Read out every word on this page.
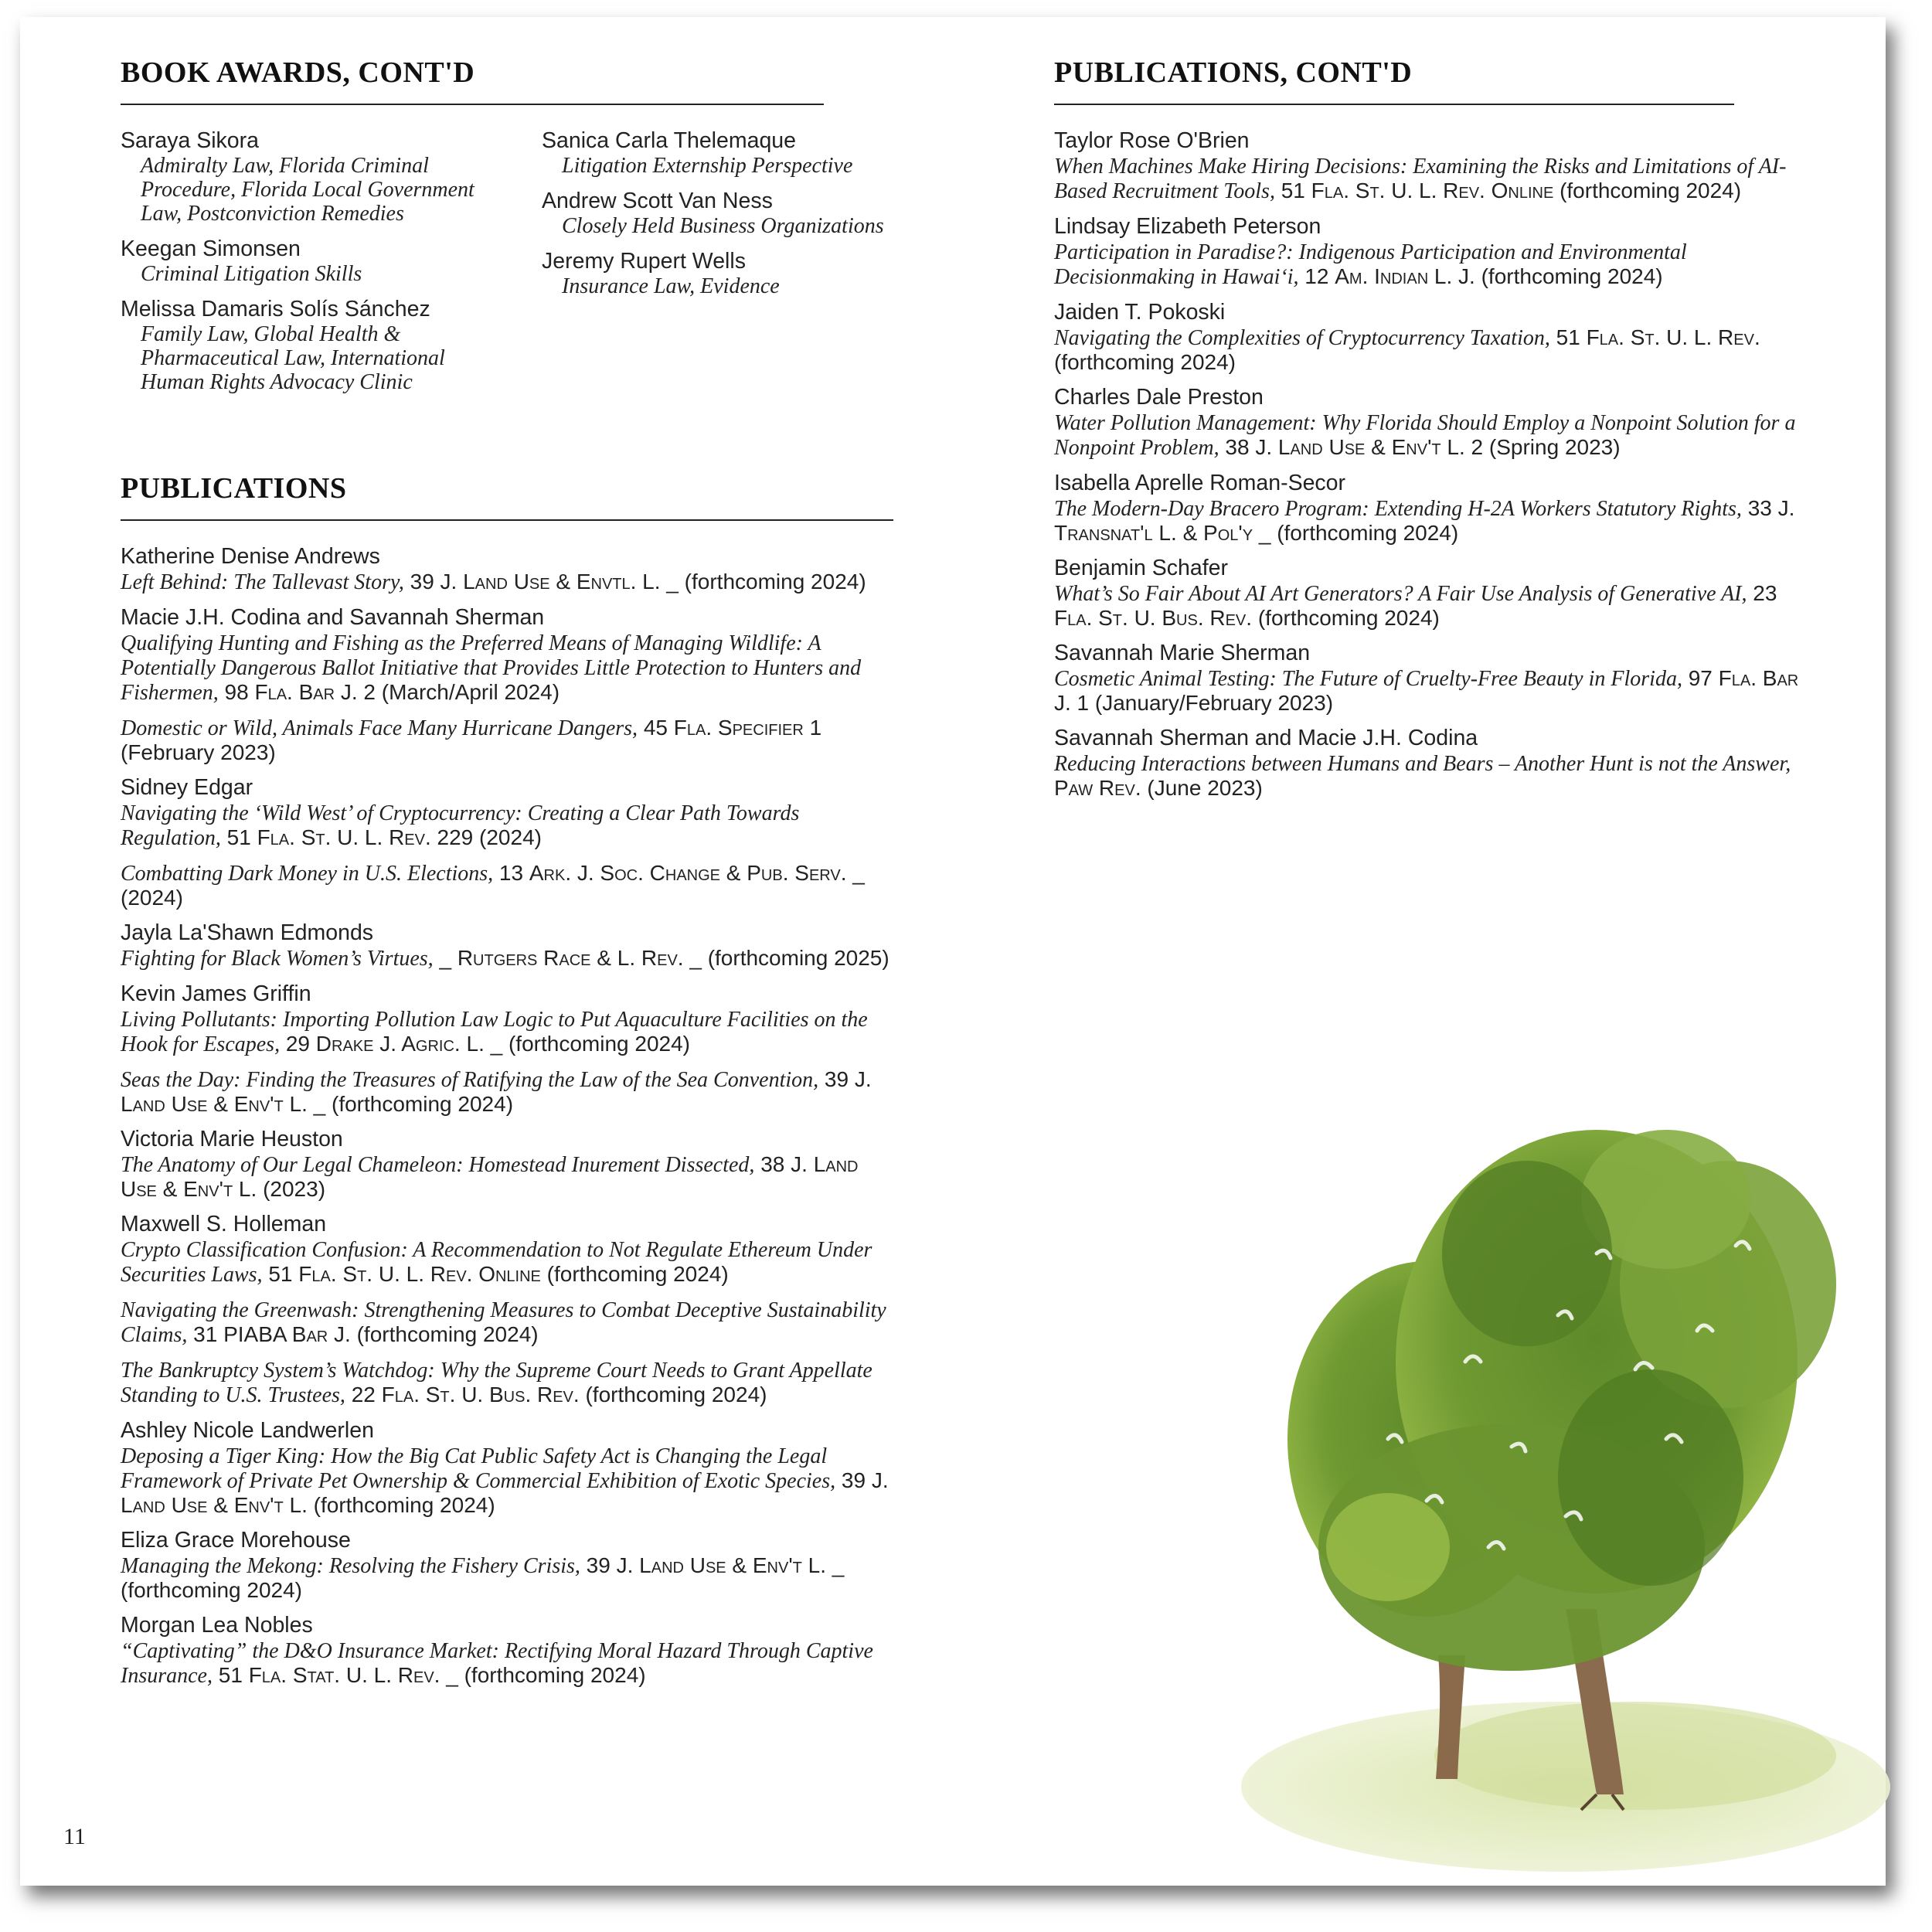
BOOK AWARDS, CONT'D
Saraya Sikora
Admiralty Law, Florida Criminal
Procedure, Florida Local Government
Law, Postconviction Remedies
Keegan Simonsen
Criminal Litigation Skills
Melissa Damaris Solís Sánchez
Family Law, Global Health &
Pharmaceutical Law, International
Human Rights Advocacy Clinic
Sanica Carla Thelemaque
Litigation Externship Perspective
Andrew Scott Van Ness
Closely Held Business Organizations
Jeremy Rupert Wells
Insurance Law, Evidence
PUBLICATIONS
Katherine Denise Andrews
Left Behind: The Tallevast Story, 39 J. Land Use & Envtl. L. _ (forthcoming 2024)
Macie J.H. Codina and Savannah Sherman
Qualifying Hunting and Fishing as the Preferred Means of Managing Wildlife: A Potentially Dangerous Ballot Initiative that Provides Little Protection to Hunters and Fishermen, 98 Fla. Bar J. 2 (March/April 2024)
Domestic or Wild, Animals Face Many Hurricane Dangers, 45 Fla. Specifier 1 (February 2023)
Sidney Edgar
Navigating the ‘Wild West’ of Cryptocurrency: Creating a Clear Path Towards Regulation, 51 Fla. St. U. L. Rev. 229 (2024)
Combatting Dark Money in U.S. Elections, 13 Ark. J. Soc. Change & Pub. Serv. _ (2024)
Jayla La'Shawn Edmonds
Fighting for Black Women’s Virtues, _ Rutgers Race & L. Rev. _ (forthcoming 2025)
Kevin James Griffin
Living Pollutants: Importing Pollution Law Logic to Put Aquaculture Facilities on the Hook for Escapes, 29 Drake J. Agric. L. _ (forthcoming 2024)
Seas the Day: Finding the Treasures of Ratifying the Law of the Sea Convention, 39 J. Land Use & Env't L. _ (forthcoming 2024)
Victoria Marie Heuston
The Anatomy of Our Legal Chameleon: Homestead Inurement Dissected, 38 J. Land Use & Env't L. (2023)
Maxwell S. Holleman
Crypto Classification Confusion: A Recommendation to Not Regulate Ethereum Under Securities Laws, 51 Fla. St. U. L. Rev. Online (forthcoming 2024)
Navigating the Greenwash: Strengthening Measures to Combat Deceptive Sustainability Claims, 31 PIABA Bar J. (forthcoming 2024)
The Bankruptcy System’s Watchdog: Why the Supreme Court Needs to Grant Appellate Standing to U.S. Trustees, 22 Fla. St. U. Bus. Rev. (forthcoming 2024)
Ashley Nicole Landwerlen
Deposing a Tiger King: How the Big Cat Public Safety Act is Changing the Legal Framework of Private Pet Ownership & Commercial Exhibition of Exotic Species, 39 J. Land Use & Env't L. (forthcoming 2024)
Eliza Grace Morehouse
Managing the Mekong: Resolving the Fishery Crisis, 39 J. Land Use & Env't L. _ (forthcoming 2024)
Morgan Lea Nobles
“Captivating” the D&O Insurance Market: Rectifying Moral Hazard Through Captive Insurance, 51 Fla. Stat. U. L. Rev. _ (forthcoming 2024)
PUBLICATIONS, CONT'D
Taylor Rose O'Brien
When Machines Make Hiring Decisions: Examining the Risks and Limitations of AI-Based Recruitment Tools, 51 Fla. St. U. L. Rev. Online (forthcoming 2024)
Lindsay Elizabeth Peterson
Participation in Paradise?: Indigenous Participation and Environmental Decisionmaking in Hawai‘i, 12 Am. Indian L. J. (forthcoming 2024)
Jaiden T. Pokoski
Navigating the Complexities of Cryptocurrency Taxation, 51 Fla. St. U. L. Rev. (forthcoming 2024)
Charles Dale Preston
Water Pollution Management: Why Florida Should Employ a Nonpoint Solution for a Nonpoint Problem, 38 J. Land Use & Env't L. 2 (Spring 2023)
Isabella Aprelle Roman-Secor
The Modern-Day Bracero Program: Extending H-2A Workers Statutory Rights, 33 J. Transnat'l L. & Pol'y _ (forthcoming 2024)
Benjamin Schafer
What’s So Fair About AI Art Generators? A Fair Use Analysis of Generative AI, 23 Fla. St. U. Bus. Rev. (forthcoming 2024)
Savannah Marie Sherman
Cosmetic Animal Testing: The Future of Cruelty-Free Beauty in Florida, 97 Fla. Bar J. 1 (January/February 2023)
Savannah Sherman and Macie J.H. Codina
Reducing Interactions between Humans and Bears – Another Hunt is not the Answer, Paw Rev. (June 2023)
11
